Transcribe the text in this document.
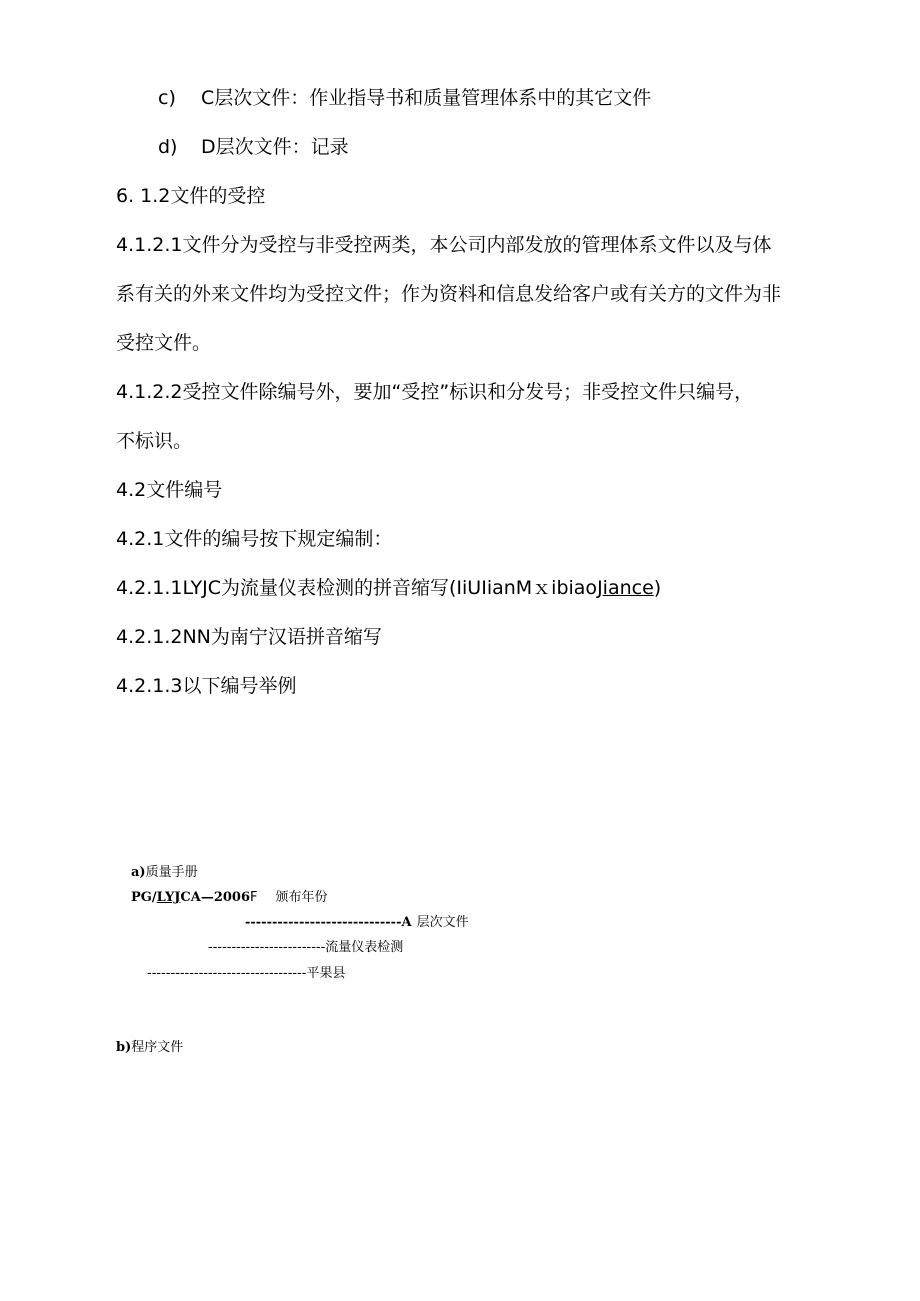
c) C层次文件：作业指导书和质量管理体系中的其它文件
d) D层次文件：记录
6. 1.2文件的受控
4.1.2.1文件分为受控与非受控两类，本公司内部发放的管理体系文件以及与体
系有关的外来文件均为受控文件；作为资料和信息发给客户或有关方的文件为非
受控文件。
4.1.2.2受控文件除编号外，要加“受控”标识和分发号；非受控文件只编号，
不标识。
4.2文件编号
4.2.1文件的编号按下规定编制：
4.2.1.1LYJC为流量仪表检测的拼音缩写(IiUIianMｘibiaoJiance)
4.2.1.2NN为南宁汉语拼音缩写
4.2.1.3以下编号举例
a)质量手册
PG/LYJCA—2006F 颁布年份
-----------------------------A 层次文件
-------------------------流量仪表检测
----------------------------------平果县
b)程序文件
